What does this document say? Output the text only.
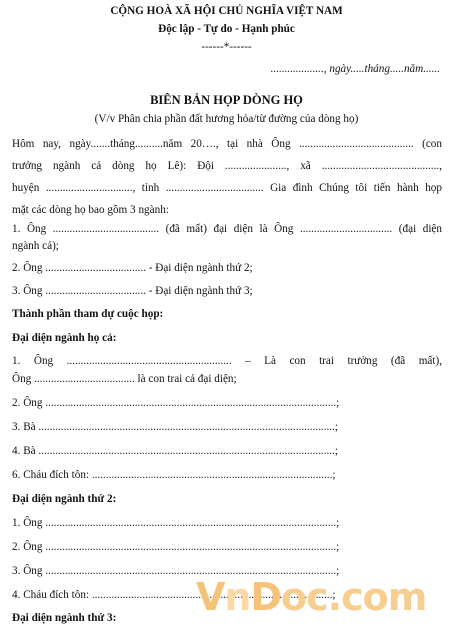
CỘNG HOÀ XÃ HỘI CHỦ NGHĨA VIỆT NAM
Độc lập - Tự do - Hạnh phúc
------*------
..................., ngày.....tháng.....năm......
BIÊN BẢN HỌP DÒNG HỌ
(V/v Phân chia phần đất hương hỏa/từ đường của dòng họ)
Hôm nay, ngày.......tháng..........năm 20…., tại nhà Ông ......................................... (con
trưởng ngành cả dòng họ Lê): Đội ......................, xã ..........................................,
huyện ..............................., tỉnh ................................... Gia đình Chúng tôi tiến hành họp
mặt các dòng họ bao gồm 3 ngành:
1. Ông ...................................... (đã mất) đại diện là Ông ................................. (đại diện
ngành cả);
2. Ông .................................... - Đại diện ngành thứ 2;
3. Ông .................................... - Đại diện ngành thứ 3;
Thành phần tham dự cuộc họp:
Đại diện ngành họ cả:
1. Ông ........................................................... – Là con trai trưởng (đã mất),
Ông .................................... là con trai cả đại diện;
2. Ông ........................................................................................................;
3. Bà ..........................................................................................................;
4. Bà ..........................................................................................................;
6. Cháu đích tôn: ......................................................................................;
Đại diện ngành thứ 2:
1. Ông ........................................................................................................;
2. Ông ........................................................................................................;
3. Ông ........................................................................................................;
4. Cháu đích tôn: ......................................................................................;
Đại diện ngành thứ 3:	VnDoc.com
